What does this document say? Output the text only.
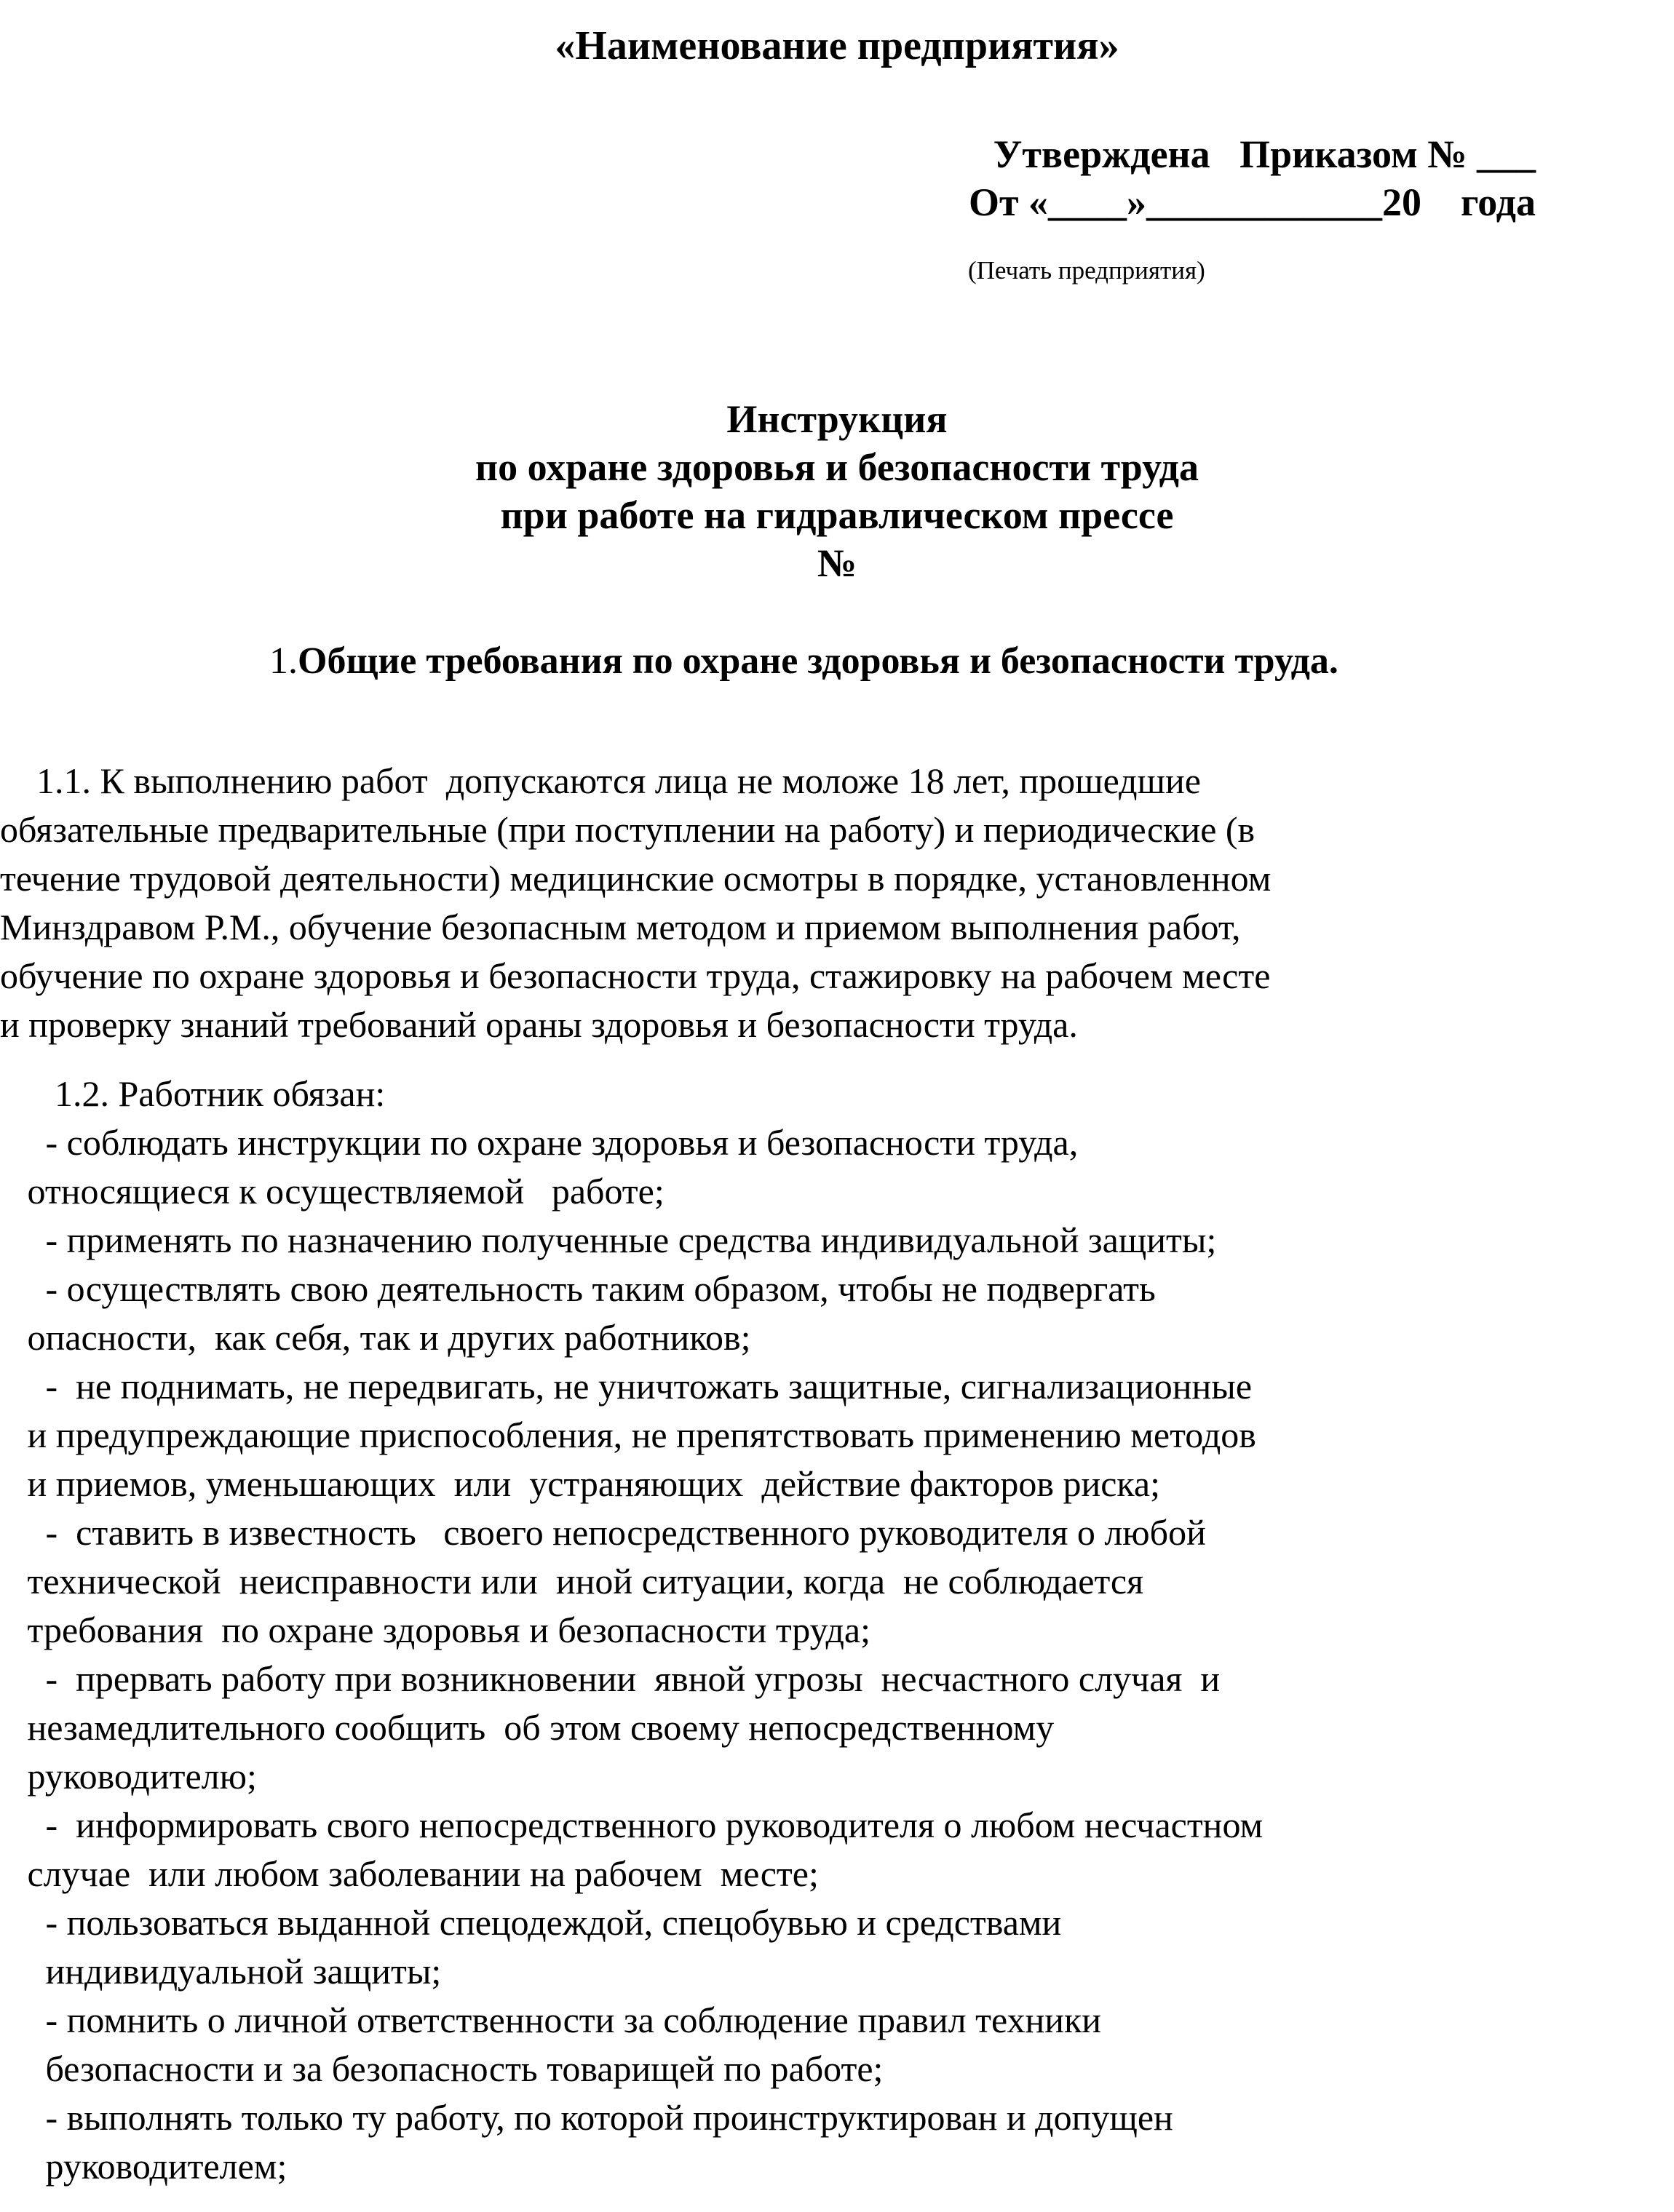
«Наименование предприятия»
Утверждена   Приказом № ___
От «____»____________20    года
(Печать предприятия)
Инструкция
по охране здоровья и безопасности труда
при работе на гидравлическом прессе
№
1.Общие требования по охране здоровья и безопасности труда.
1.1. К выполнению работ  допускаются лица не моложе 18 лет, прошедшие
обязательные предварительные (при поступлении на работу) и периодические (в
течение трудовой деятельности) медицинские осмотры в порядке, установленном
Минздравом Р.М., обучение безопасным методом и приемом выполнения работ,
обучение по охране здоровья и безопасности труда, стажировку на рабочем месте
и проверку знаний требований ораны здоровья и безопасности труда.
1.2. Работник обязан:
- соблюдать инструкции по охране здоровья и безопасности труда,
относящиеся к осуществляемой   работе;
- применять по назначению полученные средства индивидуальной защиты;
- осуществлять свою деятельность таким образом, чтобы не подвергать
опасности,  как себя, так и других работников;
-  не поднимать, не передвигать, не уничтожать защитные, сигнализационные
и предупреждающие приспособления, не препятствовать применению методов
и приемов, уменьшающих  или  устраняющих  действие факторов риска;
-  ставить в известность   своего непосредственного руководителя о любой
технической  неисправности или  иной ситуации, когда  не соблюдается
требования  по охране здоровья и безопасности труда;
-  прервать работу при возникновении  явной угрозы  несчастного случая  и
незамедлительного сообщить  об этом своему непосредственному
руководителю;
-  информировать свого непосредственного руководителя о любом несчастном
случае  или любом заболевании на рабочем  месте;
- пользоваться выданной спецодеждой, спецобувью и средствами
индивидуальной защиты;
- помнить о личной ответственности за соблюдение правил техники
безопасности и за безопасность товарищей по работе;
- выполнять только ту работу, по которой проинструктирован и допущен
руководителем;
